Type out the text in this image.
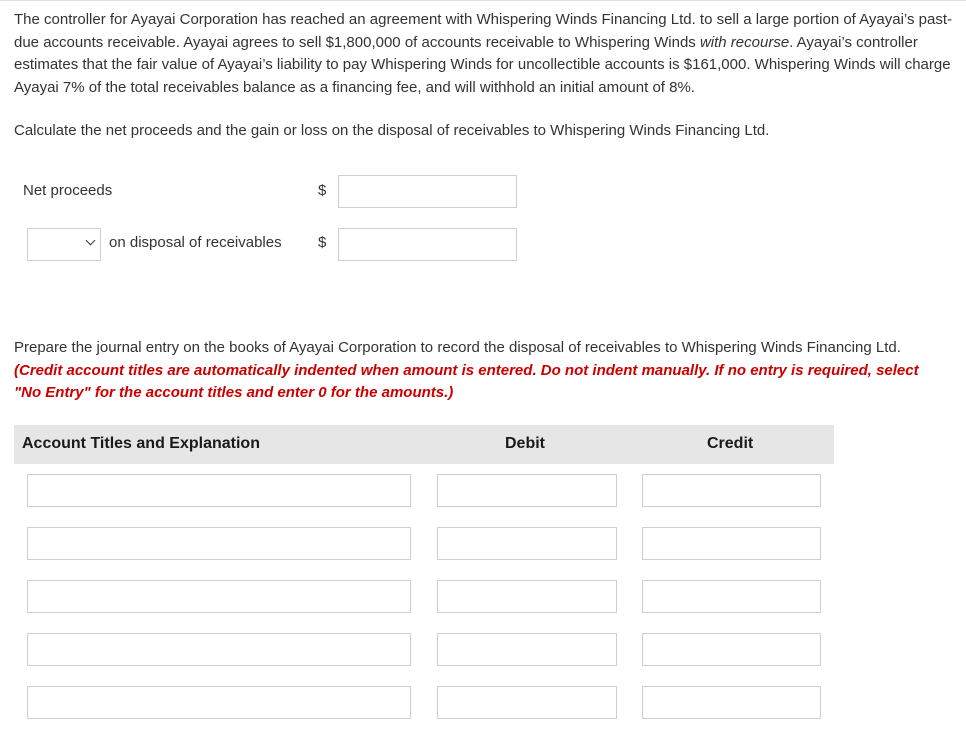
The controller for Ayayai Corporation has reached an agreement with Whispering Winds Financing Ltd. to sell a large portion of Ayayai’s past-due accounts receivable. Ayayai agrees to sell $1,800,000 of accounts receivable to Whispering Winds with recourse. Ayayai’s controller estimates that the fair value of Ayayai’s liability to pay Whispering Winds for uncollectible accounts is $161,000. Whispering Winds will charge Ayayai 7% of the total receivables balance as a financing fee, and will withhold an initial amount of 8%.

Calculate the net proceeds and the gain or loss on the disposal of receivables to Whispering Winds Financing Ltd.

Net proceeds	$
on disposal of receivables $

Prepare the journal entry on the books of Ayayai Corporation to record the disposal of receivables to Whispering Winds Financing Ltd. (Credit account titles are automatically indented when amount is entered. Do not indent manually. If no entry is required, select "No Entry" for the account titles and enter 0 for the amounts.)

Account Titles and Explanation	Debit	Credit
